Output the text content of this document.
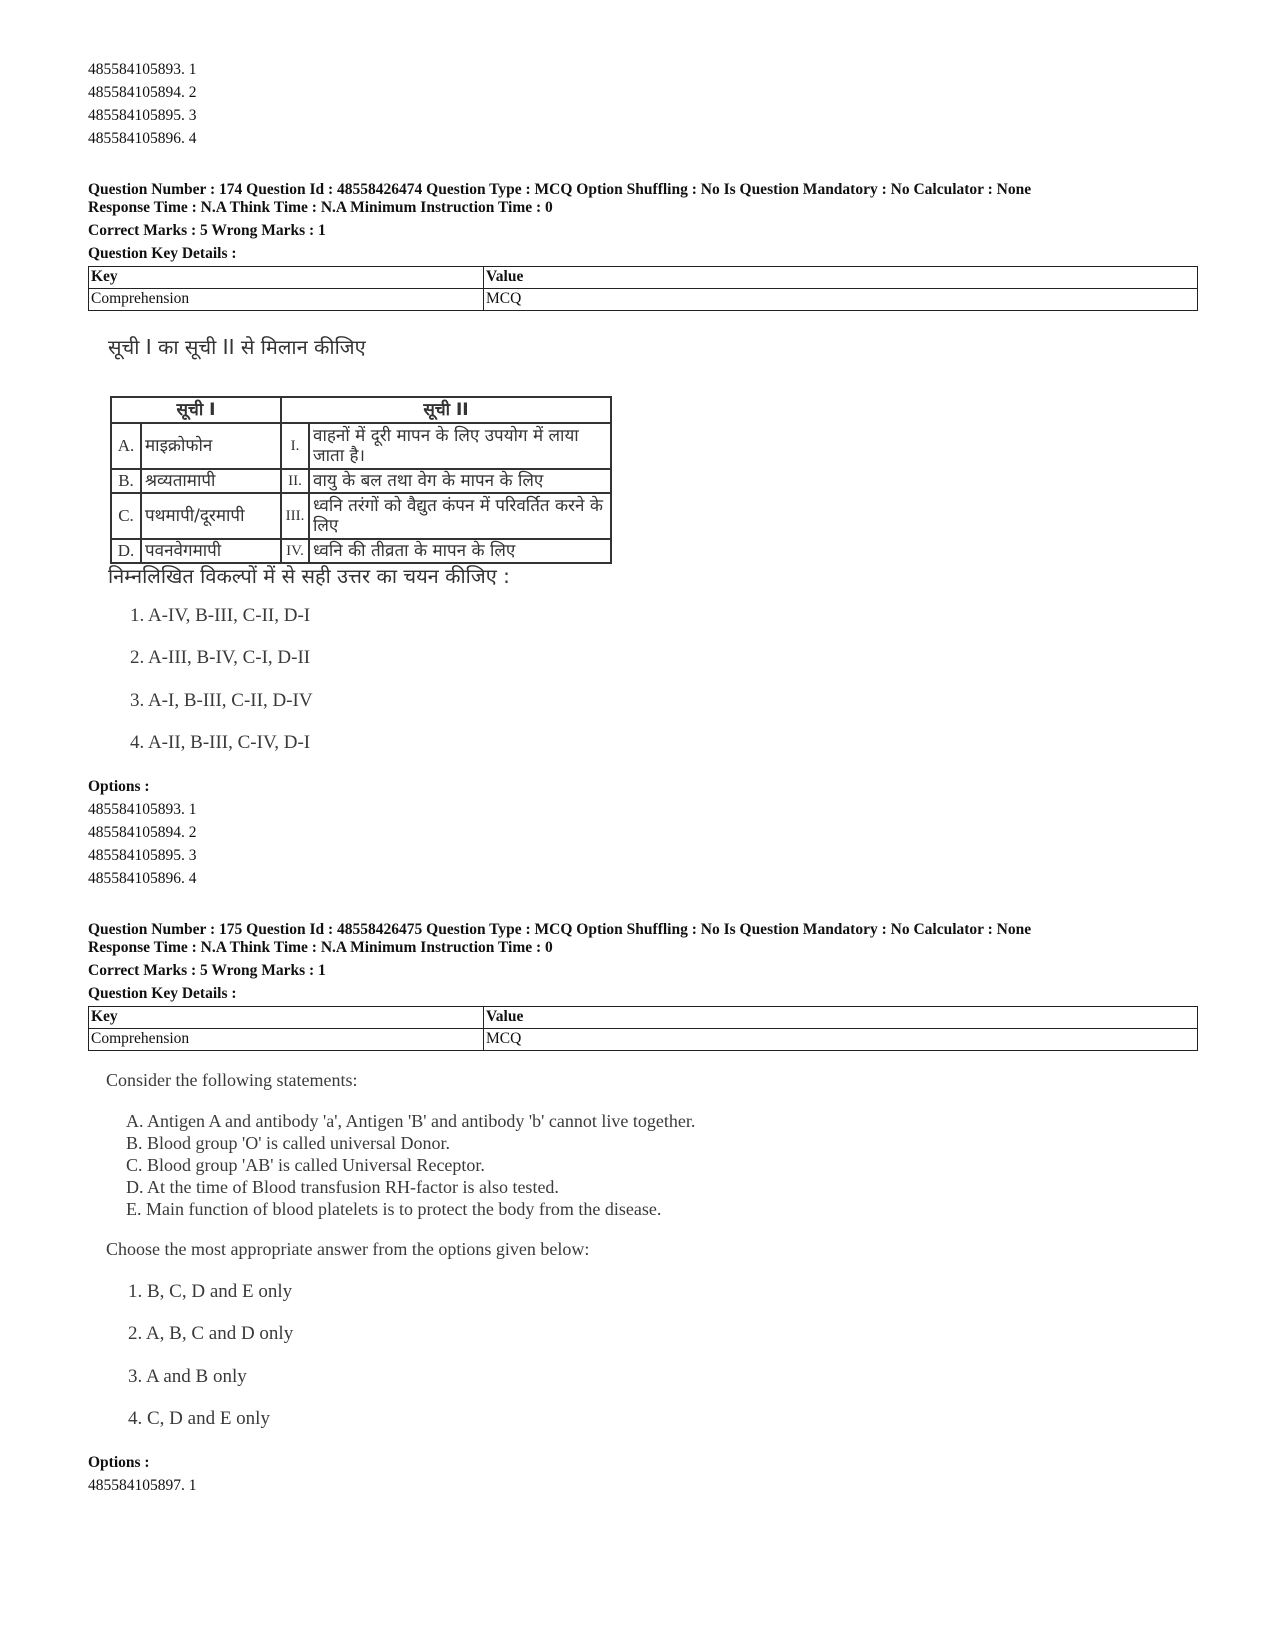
485584105893. 1
485584105894. 2
485584105895. 3
485584105896. 4
Question Number : 174 Question Id : 48558426474 Question Type : MCQ Option Shuffling : No Is Question Mandatory : No Calculator : None
Response Time : N.A Think Time : N.A Minimum Instruction Time : 0
Correct Marks : 5 Wrong Marks : 1
Question Key Details :
Key	Value
Comprehension	MCQ
सूची I का सूची II से मिलान कीजिए
सूची I		सूची II	
A.	माइक्रोफोन	I.	वाहनों में दूरी मापन के लिए उपयोग में लाया जाता है।
B.	श्रव्यतामापी	II.	वायु के बल तथा वेग के मापन के लिए
C.	पथमापी/दूरमापी	III.	ध्वनि तरंगों को वैद्युत कंपन में परिवर्तित करने के लिए
D.	पवनवेगमापी	IV.	ध्वनि की तीव्रता के मापन के लिए
निम्नलिखित विकल्पों में से सही उत्तर का चयन कीजिए :
1. A-IV, B-III, C-II, D-I
2. A-III, B-IV, C-I, D-II
3. A-I, B-III, C-II, D-IV
4. A-II, B-III, C-IV, D-I
Options :
485584105893. 1
485584105894. 2
485584105895. 3
485584105896. 4
Question Number : 175 Question Id : 48558426475 Question Type : MCQ Option Shuffling : No Is Question Mandatory : No Calculator : None
Response Time : N.A Think Time : N.A Minimum Instruction Time : 0
Correct Marks : 5 Wrong Marks : 1
Question Key Details :
Key	Value
Comprehension	MCQ
Consider the following statements:
A. Antigen A and antibody 'a', Antigen 'B' and antibody 'b' cannot live together.
B. Blood group 'O' is called universal Donor.
C. Blood group 'AB' is called Universal Receptor.
D. At the time of Blood transfusion RH-factor is also tested.
E. Main function of blood platelets is to protect the body from the disease.
Choose the most appropriate answer from the options given below:
1. B, C, D and E only
2. A, B, C and D only
3. A and B only
4. C, D and E only
Options :
485584105897. 1
